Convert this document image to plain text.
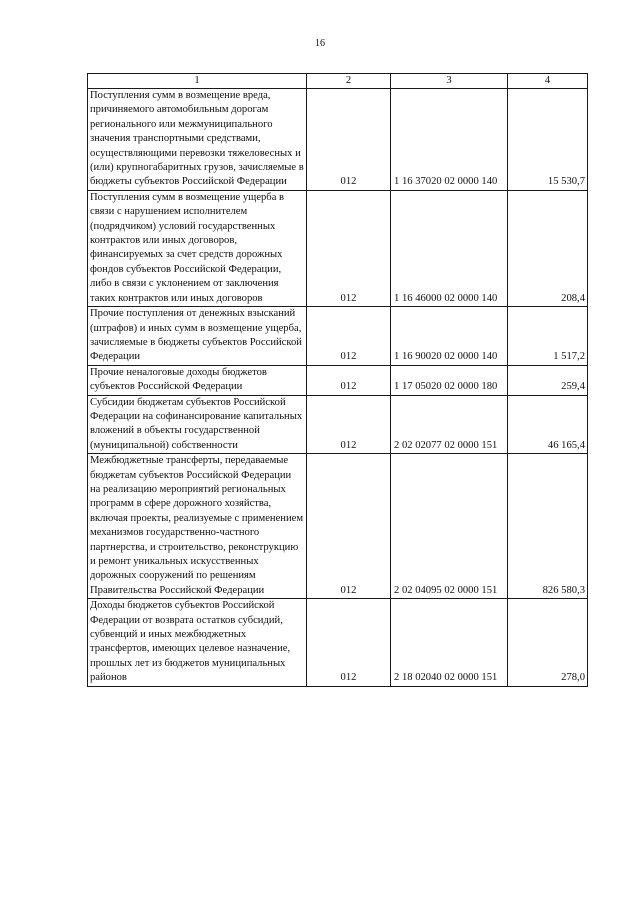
16
1	2	3	4
Поступления сумм в возмещение вреда, причиняемого автомобильным дорогам регионального или межмуниципального значения транспортными средствами, осуществляющими перевозки тяжеловесных и (или) крупногабаритных грузов, зачисляемые в бюджеты субъектов Российской Федерации	012	1 16 37020 02 0000 140	15 530,7
Поступления сумм в возмещение ущерба в связи с нарушением исполнителем (подрядчиком) условий государственных контрактов или иных договоров, финансируемых за счет средств дорожных фондов субъектов Российской Федерации, либо в связи с уклонением от заключения таких контрактов или иных договоров	012	1 16 46000 02 0000 140	208,4
Прочие поступления от денежных взысканий (штрафов) и иных сумм в возмещение ущерба, зачисляемые в бюджеты субъектов Российской Федерации	012	1 16 90020 02 0000 140	1 517,2
Прочие неналоговые доходы бюджетов субъектов Российской Федерации	012	1 17 05020 02 0000 180	259,4
Субсидии бюджетам субъектов Российской Федерации на софинансирование капитальных вложений в объекты государственной (муниципальной) собственности	012	2 02 02077 02 0000 151	46 165,4
Межбюджетные трансферты, передаваемые бюджетам субъектов Российской Федерации на реализацию мероприятий региональных программ в сфере дорожного хозяйства, включая проекты, реализуемые с применением механизмов государственно-частного партнерства, и строительство, реконструкцию и ремонт уникальных искусственных дорожных сооружений по решениям Правительства Российской Федерации	012	2 02 04095 02 0000 151	826 580,3
Доходы бюджетов субъектов Российской Федерации от возврата остатков субсидий, субвенций и иных межбюджетных трансфертов, имеющих целевое назначение, прошлых лет из бюджетов муниципальных районов	012	2 18 02040 02 0000 151	278,0
